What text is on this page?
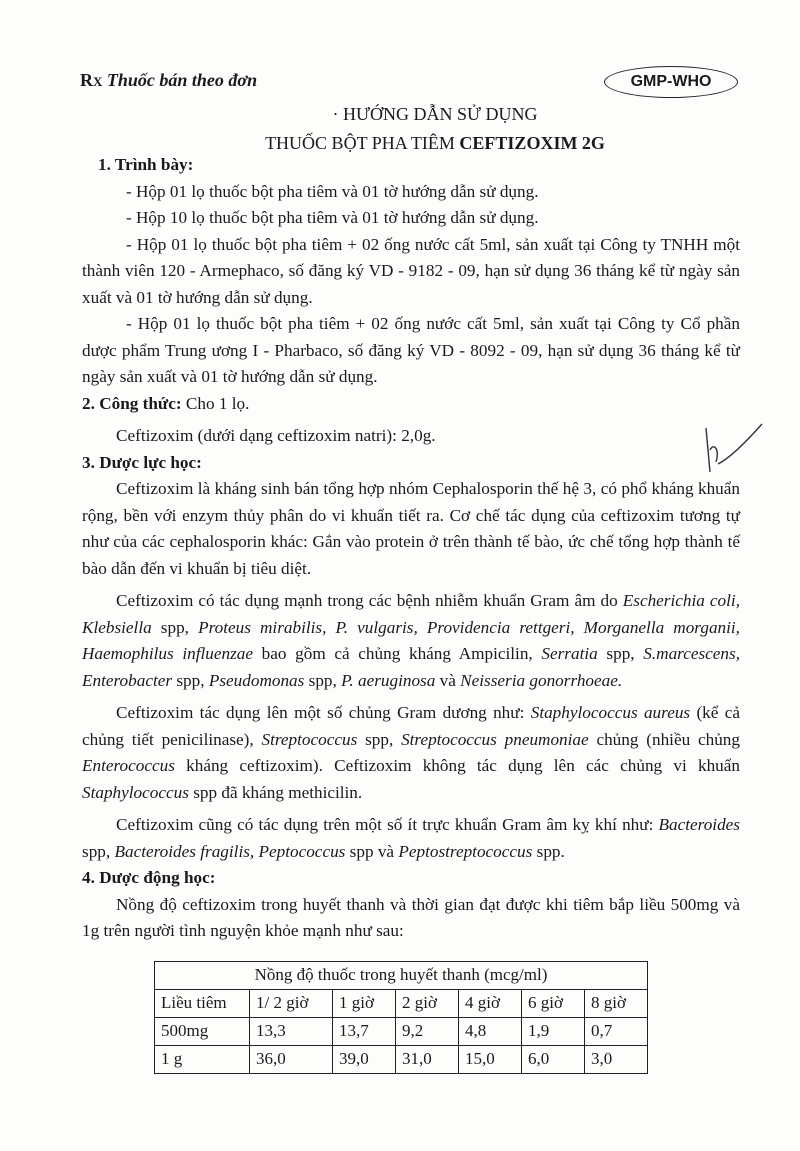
RX Thuốc bán theo đơn	GMP-WHO
· HƯỚNG DẪN SỬ DỤNG
THUỐC BỘT PHA TIÊM CEFTIZOXIM 2G

1. Trình bày:

- Hộp 01 lọ thuốc bột pha tiêm và 01 tờ hướng dẫn sử dụng.

- Hộp 10 lọ thuốc bột pha tiêm và 01 tờ hướng dẫn sử dụng.

- Hộp 01 lọ thuốc bột pha tiêm + 02 ống nước cất 5ml, sản xuất tại Công ty TNHH một thành viên 120 - Armephaco, số đăng ký VD - 9182 - 09, hạn sử dụng 36 tháng kể từ ngày sản xuất và 01 tờ hướng dẫn sử dụng.

- Hộp 01 lọ thuốc bột pha tiêm + 02 ống nước cất 5ml, sản xuất tại Công ty Cổ phần dược phẩm Trung ương I - Pharbaco, số đăng ký VD - 8092 - 09, hạn sử dụng 36 tháng kể từ ngày sản xuất và 01 tờ hướng dẫn sử dụng.

2. Công thức: Cho 1 lọ.

Ceftizoxim (dưới dạng ceftizoxim natri): 2,0g.

3. Dược lực học:

Ceftizoxim là kháng sinh bán tổng hợp nhóm Cephalosporin thế hệ 3, có phổ kháng khuẩn rộng, bền với enzym thủy phân do vi khuẩn tiết ra. Cơ chế tác dụng của ceftizoxim tương tự như của các cephalosporin khác: Gắn vào protein ở trên thành tế bào, ức chế tổng hợp thành tế bào dẫn đến vi khuẩn bị tiêu diệt.

Ceftizoxim có tác dụng mạnh trong các bệnh nhiễm khuẩn Gram âm do Escherichia coli, Klebsiella spp, Proteus mirabilis, P. vulgaris, Providencia rettgeri, Morganella morganii, Haemophilus influenzae bao gồm cả chủng kháng Ampicilin, Serratia spp, S.marcescens, Enterobacter spp, Pseudomonas spp, P. aeruginosa và Neisseria gonorrhoeae.

Ceftizoxim tác dụng lên một số chủng Gram dương như: Staphylococcus aureus (kể cả chủng tiết penicilinase), Streptococcus spp, Streptococcus pneumoniae chủng (nhiều chủng Enterococcus kháng ceftizoxim). Ceftizoxim không tác dụng lên các chủng vi khuẩn Staphylococcus spp đã kháng methicilin.

Ceftizoxim cũng có tác dụng trên một số ít trực khuẩn Gram âm kỵ khí như: Bacteroides spp, Bacteroides fragilis, Peptococcus spp và Peptostreptococcus spp.

4. Dược động học:

Nồng độ ceftizoxim trong huyết thanh và thời gian đạt được khi tiêm bắp liều 500mg và 1g trên người tình nguyện khỏe mạnh như sau:

Nồng độ thuốc trong huyết thanh (mcg/ml)						
Liều tiêm	1/ 2 giờ	1 giờ	2 giờ	4 giờ	6 giờ	8 giờ
500mg	13,3	13,7	9,2	4,8	1,9	0,7
1 g	36,0	39,0	31,0	15,0	6,0	3,0
